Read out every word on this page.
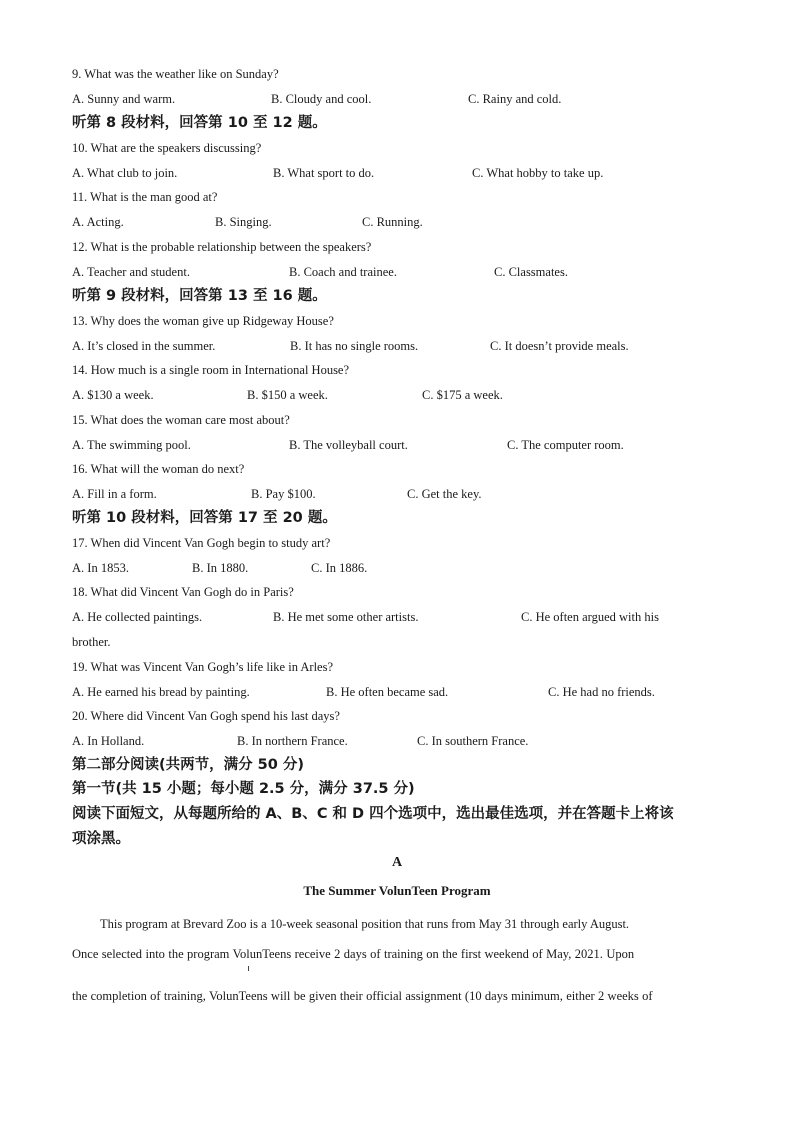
9. What was the weather like on Sunday?
A. Sunny and warm.	B. Cloudy and cool.	C. Rainy and cold.
听第 8 段材料，回答第 10 至 12 题。
10. What are the speakers discussing?
A. What club to join.	B. What sport to do.	C. What hobby to take up.
11. What is the man good at?
A. Acting.	B. Singing.	C. Running.
12. What is the probable relationship between the speakers?
A. Teacher and student.	B. Coach and trainee.	C. Classmates.
听第 9 段材料，回答第 13 至 16 题。
13. Why does the woman give up Ridgeway House?
A. It’s closed in the summer.	B. It has no single rooms.	C. It doesn’t provide meals.
14. How much is a single room in International House?
A. $130 a week.	B. $150 a week.	C. $175 a week.
15. What does the woman care most about?
A. The swimming pool.	B. The volleyball court.	C. The computer room.
16. What will the woman do next?
A. Fill in a form.	B. Pay $100.	C. Get the key.
听第 10 段材料，回答第 17 至 20 题。
17. When did Vincent Van Gogh begin to study art?
A. In 1853.	B. In 1880.	C. In 1886.
18. What did Vincent Van Gogh do in Paris?
A. He collected paintings.	B. He met some other artists.	C. He often argued with his
brother.
19. What was Vincent Van Gogh’s life like in Arles?
A. He earned his bread by painting.	B. He often became sad.	C. He had no friends.
20. Where did Vincent Van Gogh spend his last days?
A. In Holland.	B. In northern France.	C. In southern France.
第二部分阅读(共两节，满分 50 分)
第一节(共 15 小题；每小题 2.5 分，满分 37.5 分)
阅读下面短文，从每题所给的 A、B、C 和 D 四个选项中，选出最佳选项，并在答题卡上将该
项涂黑。
A
The Summer VolunTeen Program
This program at Brevard Zoo is a 10-week seasonal position that runs from May 31 through early August.
Once selected into the program VolunTeens receive 2 days of training on the first weekend of May, 2021. Upon
the completion of training, VolunTeens will be given their official assignment (10 days minimum, either 2 weeks of
